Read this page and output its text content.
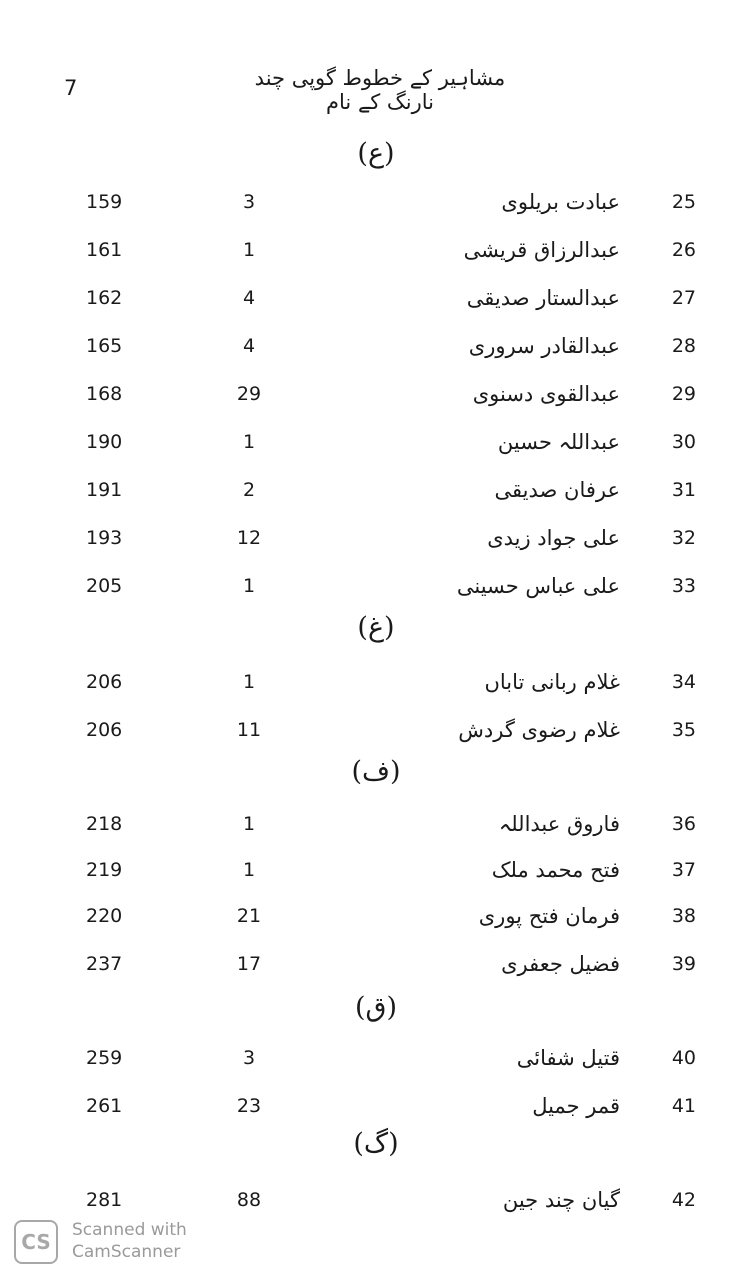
7	مشاہیر کے خطوط گوپی چند نارنگ کے نام
(ع)
25
عبادت بریلوی
3
159
26
عبدالرزاق قریشی
1
161
27
عبدالستار صدیقی
4
162
28
عبدالقادر سروری
4
165
29
عبدالقوی دسنوی
29
168
30
عبداللہ حسین
1
190
31
عرفان صدیقی
2
191
32
علی جواد زیدی
12
193
33
علی عباس حسینی
1
205
(غ)
34
غلام ربانی تاباں
1
206
35
غلام رضوی گردش
11
206
(ف)
36
فاروق عبداللہ
1
218
37
فتح محمد ملک
1
219
38
فرمان فتح پوری
21
220
39
فضیل جعفری
17
237
(ق)
40
قتیل شفائی
3
259
41
قمر جمیل
23
261
(گ)
42
گیان چند جین
88
281
CS	Scanned with
CamScanner
